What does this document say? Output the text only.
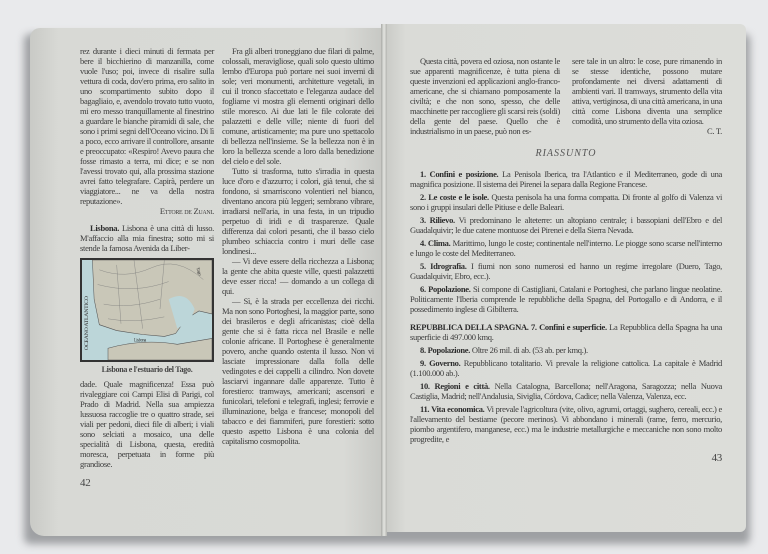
rez durante i dieci minuti di fermata per bere il bicchierino di manzanilla, come vuole l'uso; poi, invece di risalire sulla vettura di coda, dov'ero prima, ero salito in uno scompartimento subito dopo il bagagliaio, e, avendolo trovato tutto vuoto, mi ero messo tranquillamente al finestrino a guardare le bianche piramidi di sale, che sono i primi segni dell'Oceano vicino. Di lì a poco, ecco arrivare il controllore, ansante e preoccupato: «Respiro! Avevo paura che fosse rimasto a terra, mi dice; e se non l'avessi trovato qui, alla prossima stazione avrei fatto telegrafare. Capirà, perdere un viaggiatore... ne va della nostra reputazione».

Ettore de Zuani.

Lisbona. Lisbona è una città di lusso. M'affaccio alla mia finestra; sotto mi si stende la famosa Avenida da Liber-

OCEANO ATLANTICO
Tago
Lisbona
Lisbona e l'estuario del Tago.

dade. Quale magnificenza! Essa può rivaleggiare coi Campi Elisi di Parigi, col Prado di Madrid. Nella sua ampiezza lussuosa raccoglie tre o quattro strade, sei viali per pedoni, dieci file di alberi; i viali sono selciati a mosaico, una delle specialità di Lisbona, questa, eredità moresca, perpetuata in forme più grandiose.

42

Fra gli alberi troneggiano due filari di palme, colossali, meravigliose, quali solo questo ultimo lembo d'Europa può portare nei suoi inverni di sole; veri monumenti, architetture vegetali, in cui il tronco sfaccettato e l'eleganza audace del fogliame vi mostra gli elementi originari dello stile moresco. Ai due lati le file colorate dei palazzetti e delle ville; niente di fuori del comune, artisticamente; ma pure uno spettacolo di bellezza nell'insieme. Se la bellezza non è in loro la bellezza scende a loro dalla benedizione del cielo e del sole.

Tutto si trasforma, tutto s'irradia in questa luce d'oro e d'azzurro; i colori, già tenui, che si fondono, si smarriscono volentieri nel bianco, diventano ancora più leggeri; sembrano vibrare, irradiarsi nell'aria, in una festa, in un tripudio perpetuo di iridi e di trasparenze. Quale differenza dai colori pesanti, che il basso cielo plumbeo schiaccia contro i muri delle case londinesi...

— Vi deve essere della ricchezza a Lisbona; la gente che abita queste ville, questi palazzetti deve esser ricca! — domando a un collega di qui.

— Sì, è la strada per eccellenza dei ricchi. Ma non sono Portoghesi, la maggior parte, sono dei brasileros e degli africanistas; cioè della gente che si è fatta ricca nel Brasile e nelle colonie africane. Il Portoghese è generalmente povero, anche quando ostenta il lusso. Non vi lasciate impressionare dalla folla delle vedingotes e dei cappelli a cilindro. Non dovete lasciarvi ingannare dalle apparenze. Tutto è forestiero: tramways, americani; ascensori e funicolari, telefoni e telegrafi, inglesi; ferrovie e illuminazione, belga e francese; monopoli del tabacco e dei fiammiferi, pure forestieri: sotto questo aspetto Lisbona è una colonia del capitalismo cosmopolita.

Questa città, povera ed oziosa, non ostante le sue apparenti magnificenze, è tutta piena di queste invenzioni ed applicazioni anglo-franco-americane, che si chiamano pomposamente la civiltà; e che non sono, spesso, che delle macchinette per raccogliere gli scarsi reis (soldi) della gente del paese. Quello che è industrialismo in un paese, può non es-

sere tale in un altro: le cose, pure rimanendo in se stesse identiche, possono mutare profondamente nei diversi adattamenti di ambienti vari. Il tramways, strumento della vita attiva, vertiginosa, di una città americana, in una città come Lisbona diventa una semplice comodità, uno strumento della vita oziosa.

C. T.
RIASSUNTO

1. Confini e posizione. La Penisola Iberica, tra l'Atlantico e il Mediterraneo, gode di una magnifica posizione. Il sistema dei Pirenei la separa dalla Regione Francese.

2. Le coste e le isole. Questa penisola ha una forma compatta. Di fronte al golfo di Valenza vi sono i gruppi insulari delle Pitiuse e delle Baleari.

3. Rilievo. Vi predominano le alteterre: un altopiano centrale; i bassopiani dell'Ebro e del Guadalquivir; le due catene montuose dei Pirenei e della Sierra Nevada.

4. Clima. Marittimo, lungo le coste; continentale nell'interno. Le piogge sono scarse nell'interno e lungo le coste del Mediterraneo.

5. Idrografia. I fiumi non sono numerosi ed hanno un regime irregolare (Duero, Tago, Guadalquivir, Ebro, ecc.).

6. Popolazione. Si compone di Castigliani, Catalani e Portoghesi, che parlano lingue neolatine. Politicamente l'Iberia comprende le repubbliche della Spagna, del Portogallo e di Andorra, e il possedimento inglese di Gibilterra.

REPUBBLICA DELLA SPAGNA. 7. Confini e superficie. La Repubblica della Spagna ha una superficie di 497.000 kmq.

8. Popolazione. Oltre 26 mil. di ab. (53 ab. per kmq.).

9. Governo. Repubblicano totalitario. Vi prevale la religione cattolica. La capitale è Madrid (1.100.000 ab.).

10. Regioni e città. Nella Catalogna, Barcellona; nell'Aragona, Saragozza; nella Nuova Castiglia, Madrid; nell'Andalusia, Siviglia, Córdova, Cadice; nella Valenza, Valenza, ecc.

11. Vita economica. Vi prevale l'agricoltura (vite, olivo, agrumi, ortaggi, sughero, cereali, ecc.) e l'allevamento del bestiame (pecore merinos). Vi abbondano i minerali (rame, ferro, mercurio, piombo argentifero, manganese, ecc.) ma le industrie metallurgiche e meccaniche non sono molto progredite, e

43
